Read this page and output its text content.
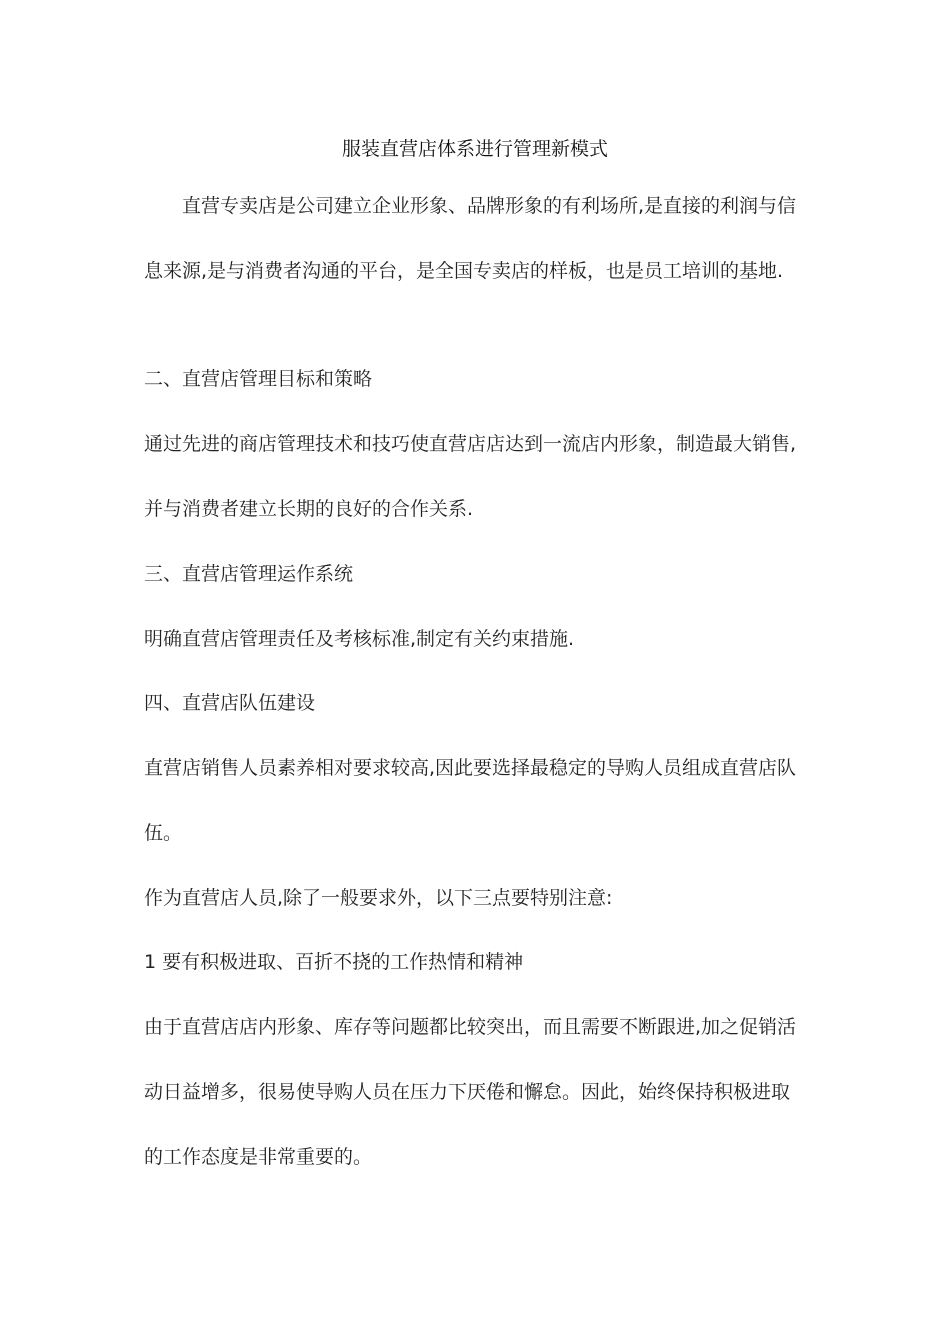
服装直营店体系进行管理新模式
直营专卖店是公司建立企业形象、品牌形象的有利场所,是直接的利润与信
息来源,是与消费者沟通的平台，是全国专卖店的样板，也是员工培训的基地.
二、直营店管理目标和策略
通过先进的商店管理技术和技巧使直营店店达到一流店内形象，制造最大销售,
并与消费者建立长期的良好的合作关系.
三、直营店管理运作系统
明确直营店管理责任及考核标准,制定有关约束措施.
四、直营店队伍建设
直营店销售人员素养相对要求较高,因此要选择最稳定的导购人员组成直营店队
伍。
作为直营店人员,除了一般要求外，以下三点要特别注意:
1 要有积极进取、百折不挠的工作热情和精神
由于直营店店内形象、库存等问题都比较突出，而且需要不断跟进,加之促销活
动日益增多，很易使导购人员在压力下厌倦和懈怠。因此，始终保持积极进取
的工作态度是非常重要的。
